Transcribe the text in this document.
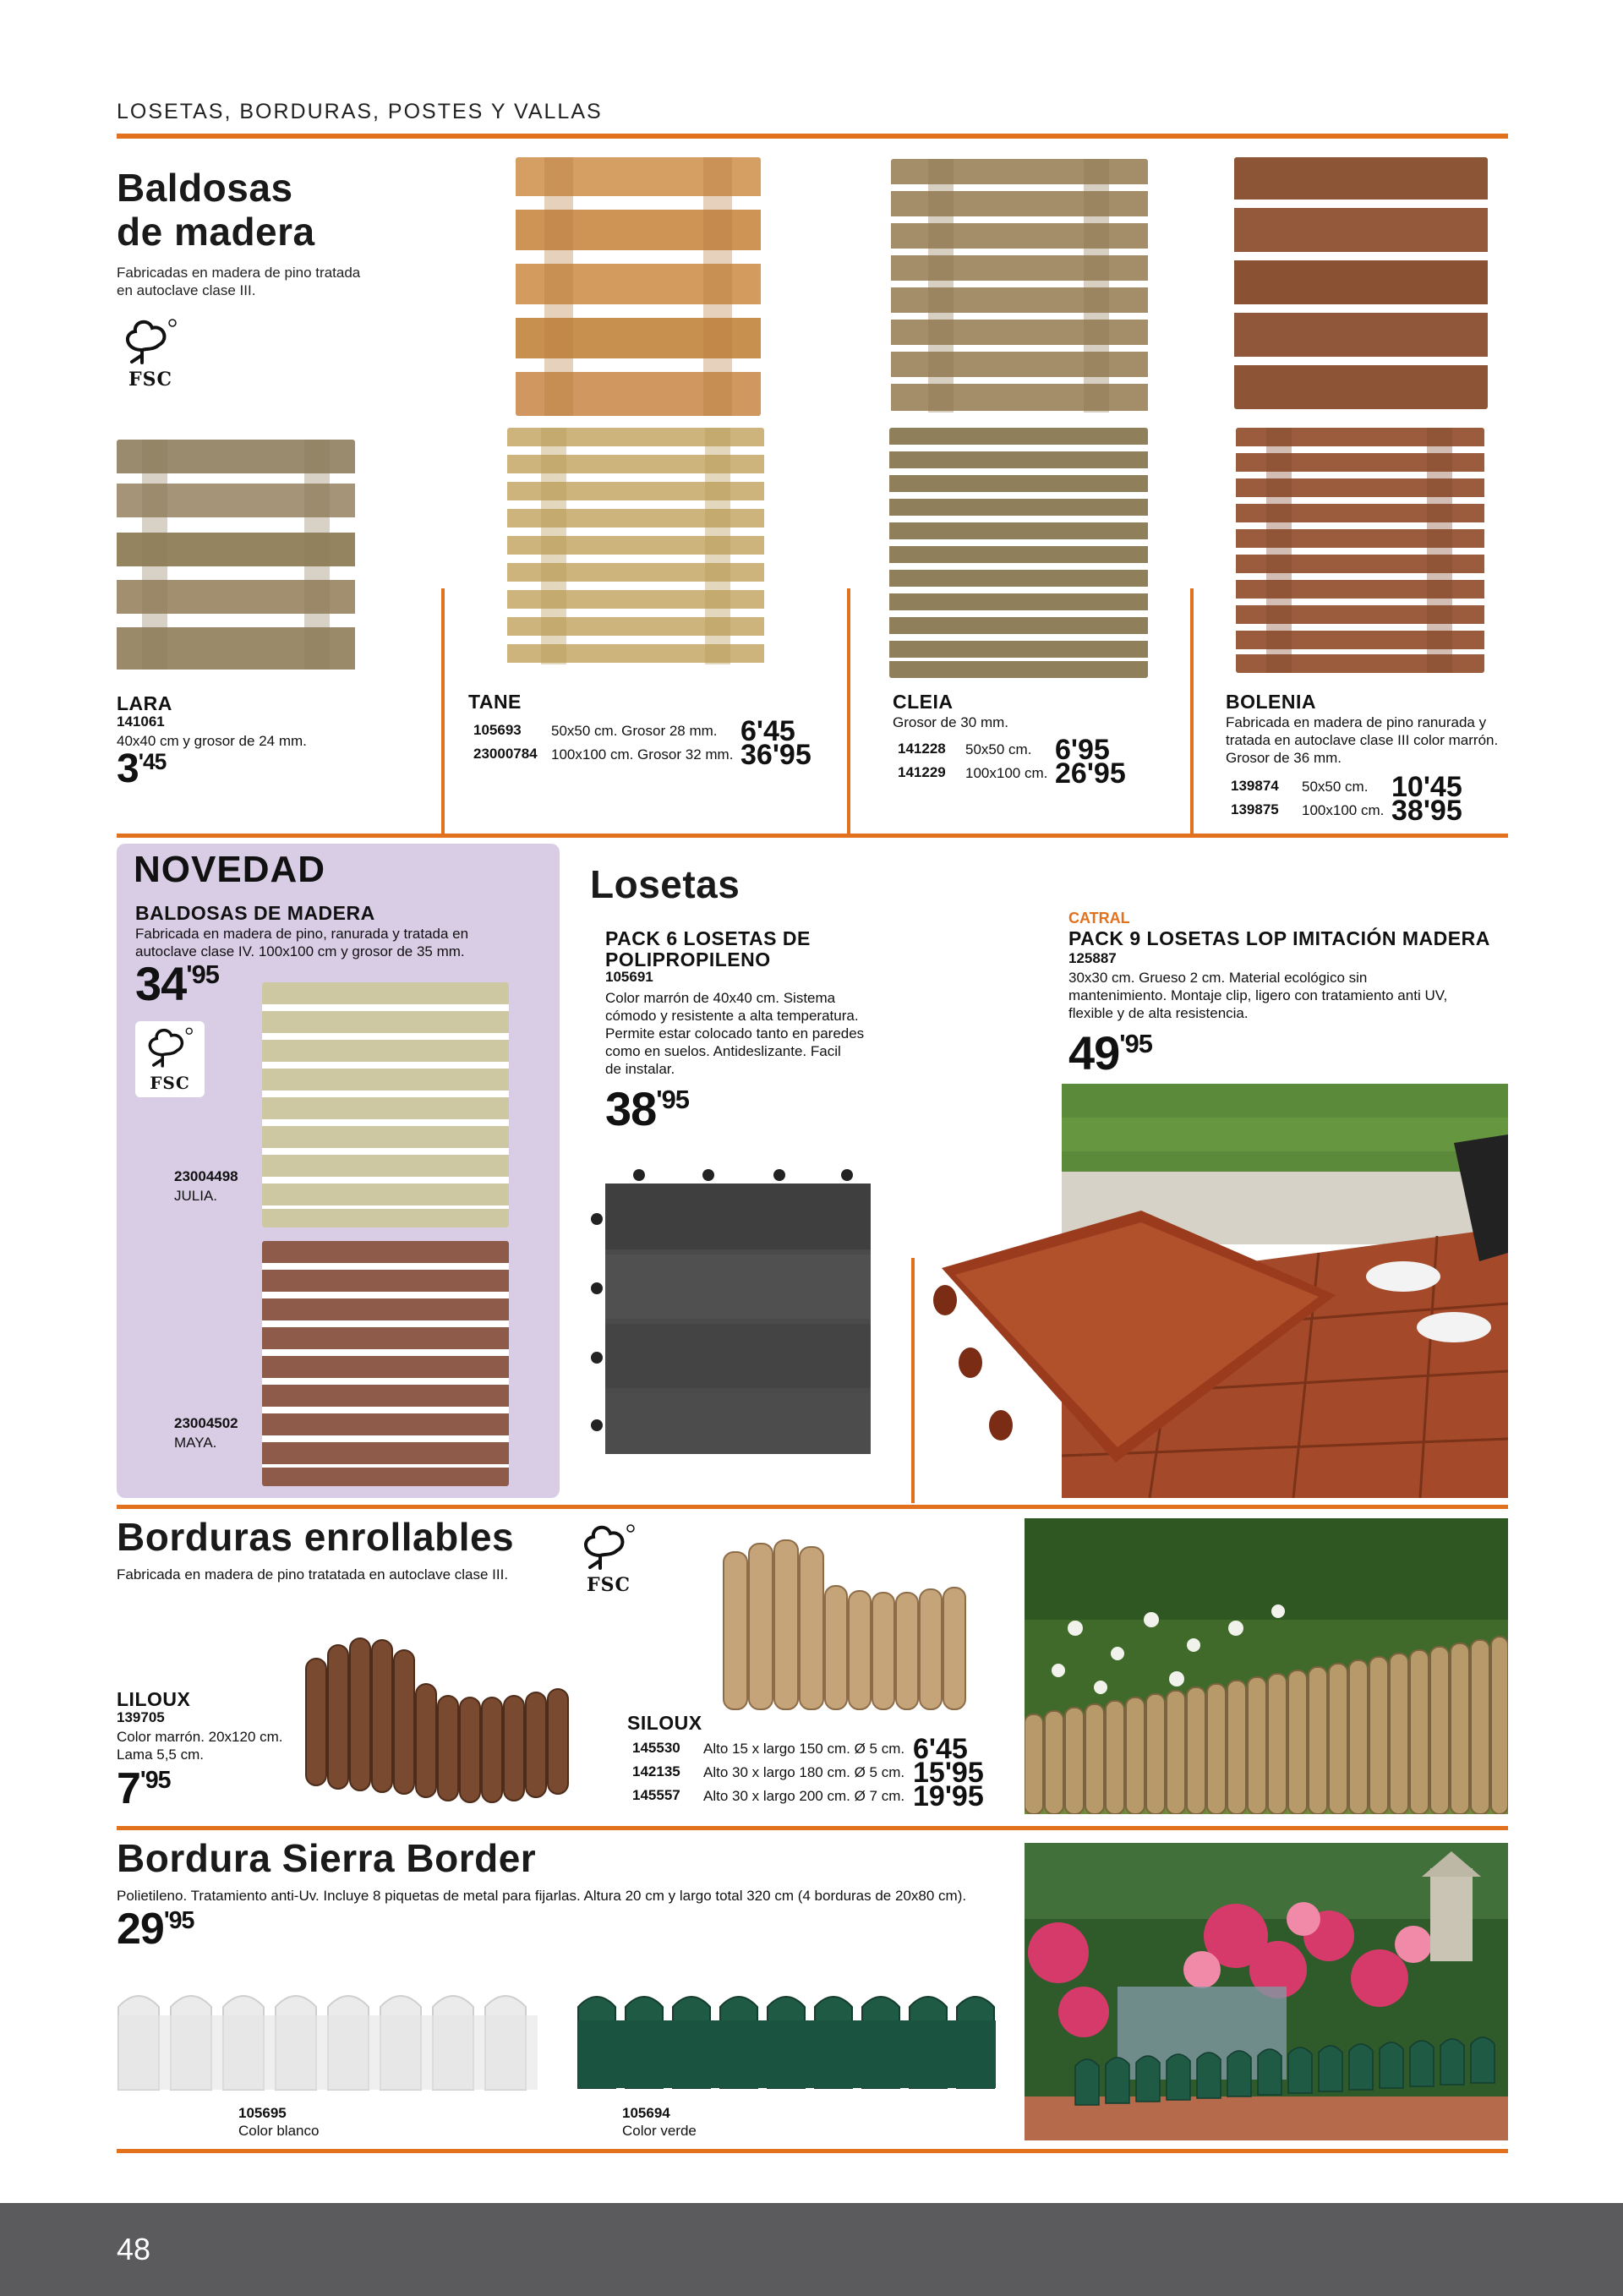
LOSETAS, BORDURAS, POSTES Y VALLAS
Baldosas
de madera
Fabricadas en madera de pino tratada
en autoclave clase III.
FSC
LARA
141061
40x40 cm y grosor de 24 mm.
$3^{'45}$
TANE
105693 50x50 cm. Grosor 28 mm. 6'45
23000784 100x100 cm. Grosor 32 mm. 36'95
CLEIA
Grosor de 30 mm.
141228 50x50 cm. 6'95
141229 100x100 cm. 26'95
BOLENIA
Fabricada en madera de pino ranurada y
tratada en autoclave clase III color marrón.
Grosor de 36 mm.
139874 50x50 cm. 10'45
139875 100x100 cm. 38'95
NOVEDAD
BALDOSAS DE MADERA
Fabricada en madera de pino, ranurada y tratada en
autoclave clase IV. 100x100 cm y grosor de 35 mm.
$34^{'95}$
FSC
23004498
JULIA.
23004502
MAYA.
Losetas
PACK 6 LOSETAS DE
POLIPROPILENO
105691
Color marrón de 40x40 cm. Sistema
cómodo y resistente a alta temperatura.
Permite estar colocado tanto en paredes
como en suelos. Antideslizante. Facil
de instalar.
$38^{'95}$
CATRAL
PACK 9 LOSETAS LOP IMITACIÓN MADERA
125887
30x30 cm. Grueso 2 cm. Material ecológico sin
mantenimiento. Montaje clip, ligero con tratamiento anti UV,
flexible y de alta resistencia.
$49^{'95}$
Borduras enrollables
Fabricada en madera de pino tratatada en autoclave clase III.	FSC
LILOUX
139705
Color marrón. 20x120 cm.
Lama 5,5 cm.
$7^{'95}$
SILOUX
145530 Alto 15 x largo 150 cm. Ø 5 cm. 6'45
142135 Alto 30 x largo 180 cm. Ø 5 cm. 15'95
145557 Alto 30 x largo 200 cm. Ø 7 cm. 19'95
Bordura Sierra Border
Polietileno. Tratamiento anti-Uv. Incluye 8 piquetas de metal para fijarlas. Altura 20 cm y largo total 320 cm (4 borduras de 20x80 cm).
$29^{'95}$
105695
Color blanco
105694
Color verde
48
